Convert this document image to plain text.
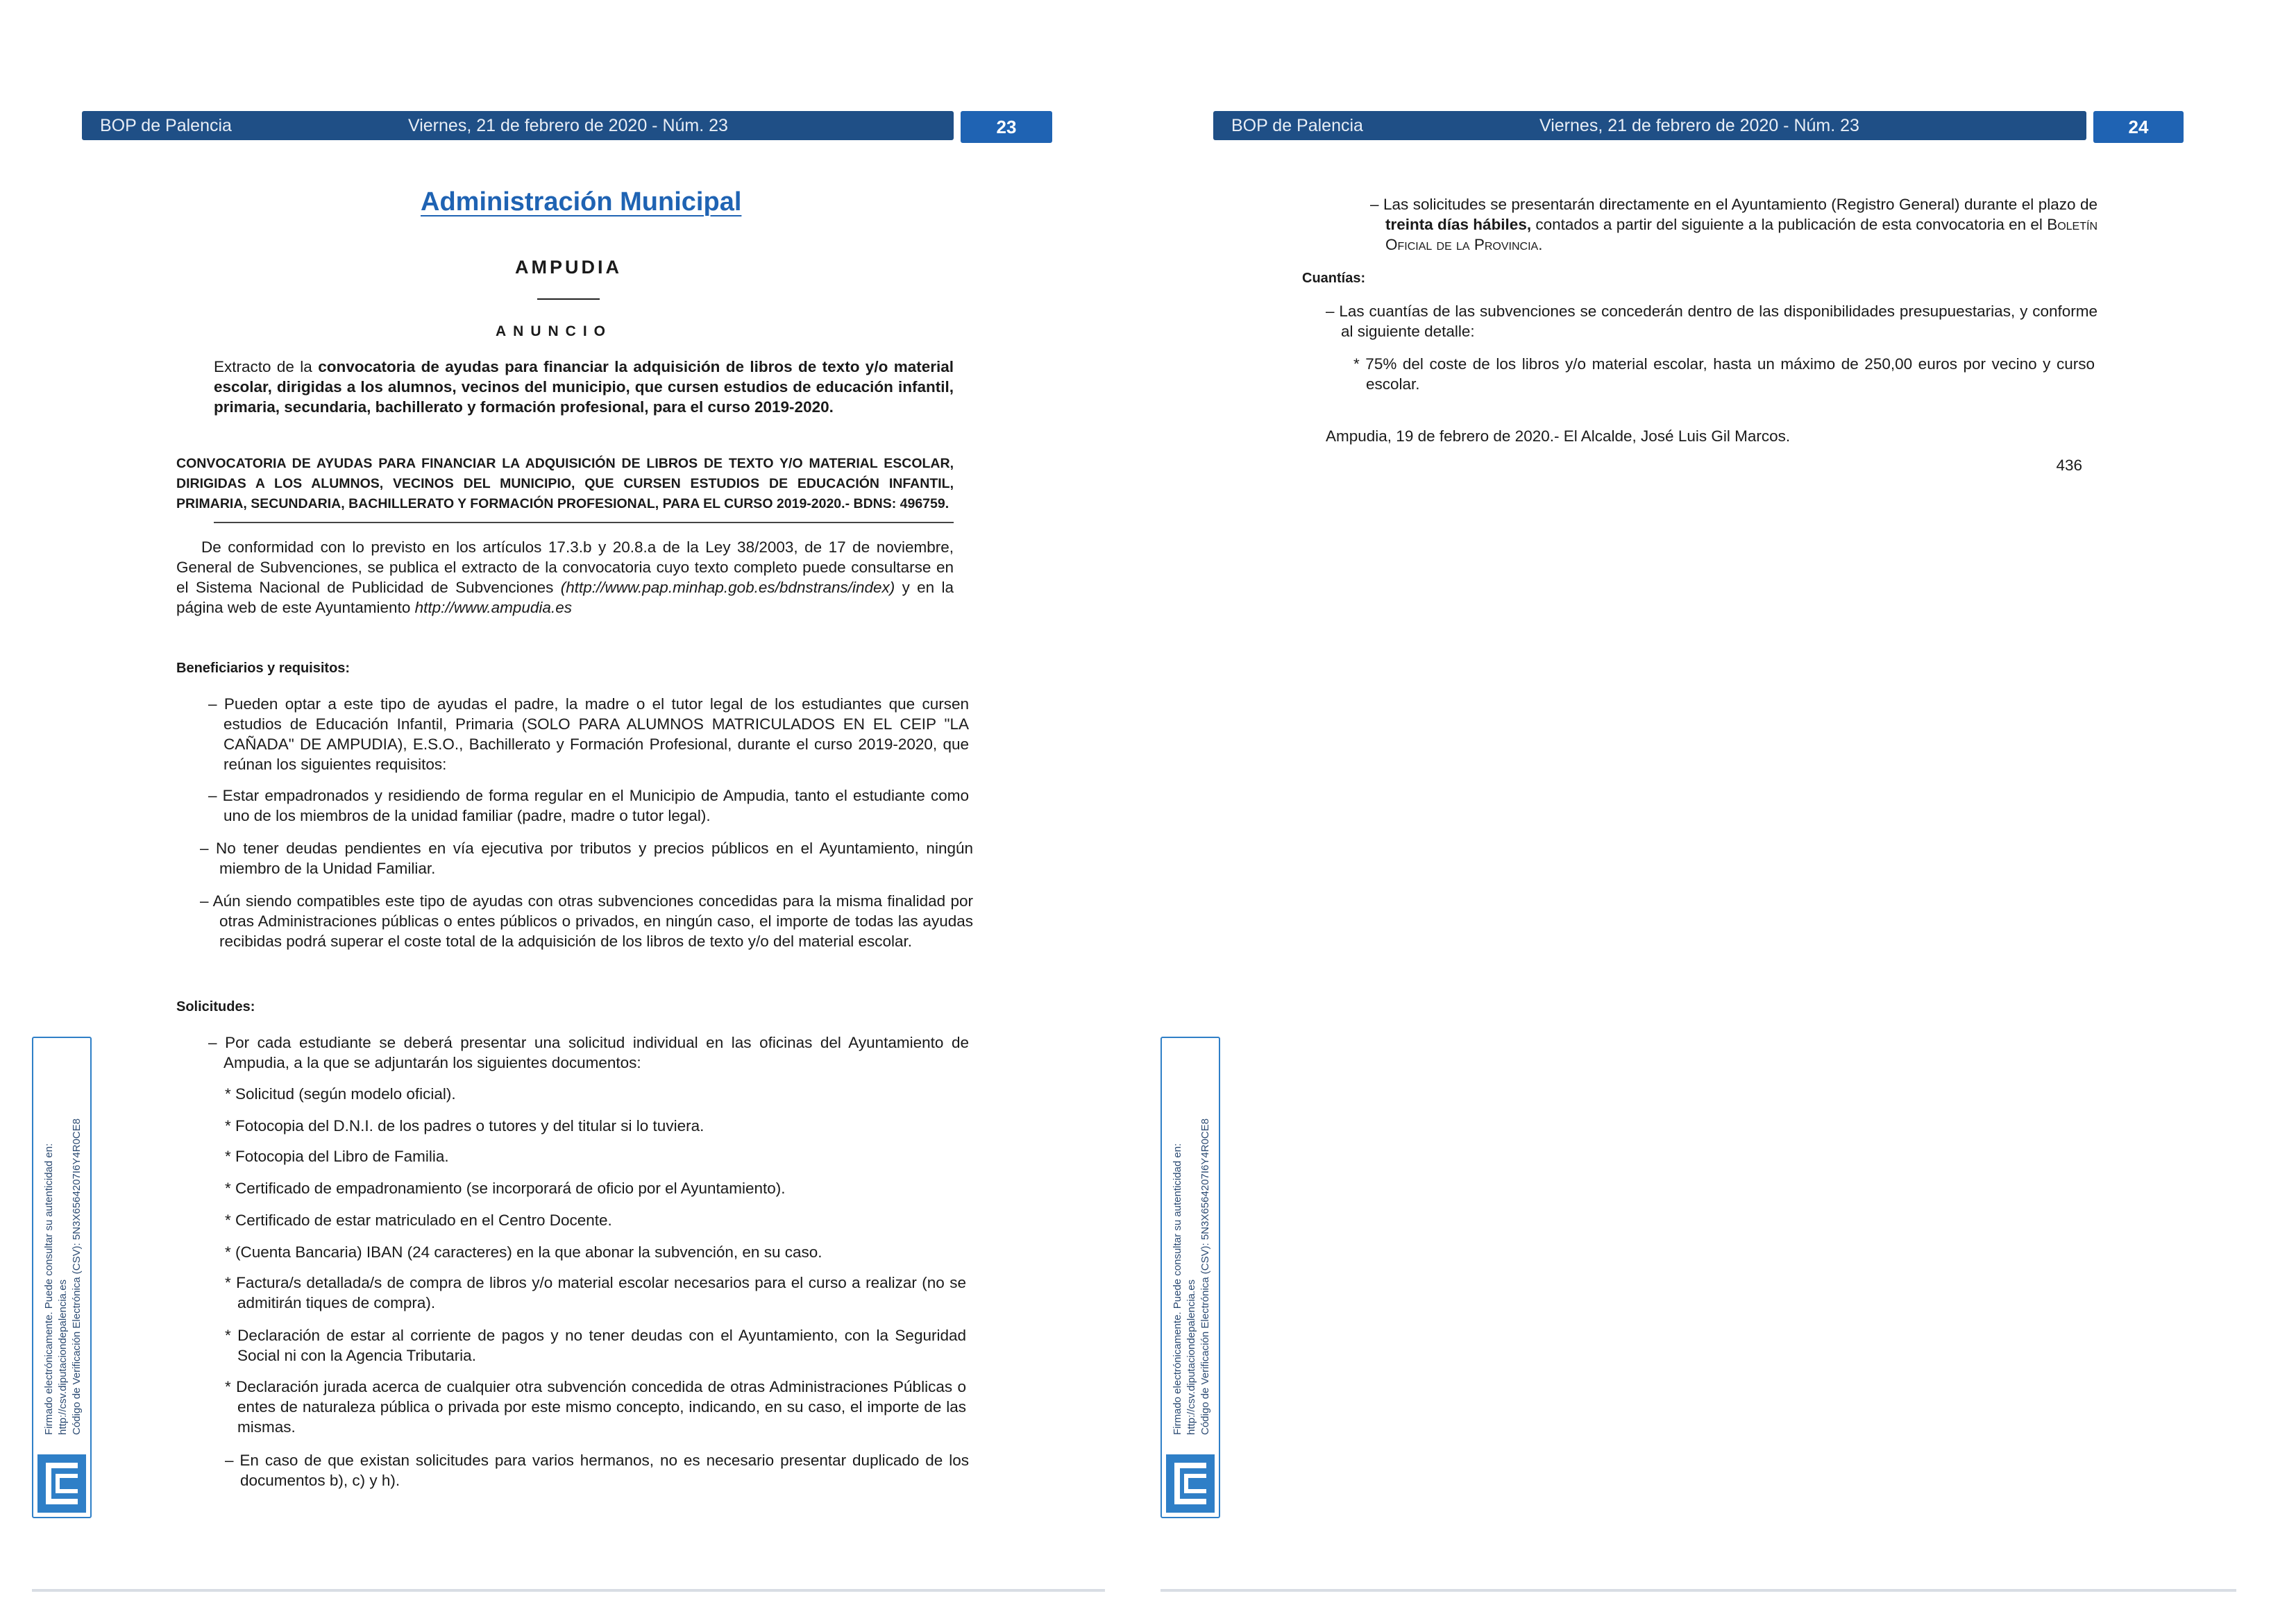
BOP de Palencia	Viernes, 21 de febrero de 2020 - Núm. 23	23
Administración Municipal
AMPUDIA
ANUNCIO

Extracto de la convocatoria de ayudas para financiar la adquisición de libros de texto y/o material escolar, dirigidas a los alumnos, vecinos del municipio, que cursen estudios de educación infantil, primaria, secundaria, bachillerato y formación profesional, para el curso 2019-2020.

CONVOCATORIA DE AYUDAS PARA FINANCIAR LA ADQUISICIÓN DE LIBROS DE TEXTO Y/O MATERIAL ESCOLAR, DIRIGIDAS A LOS ALUMNOS, VECINOS DEL MUNICIPIO, QUE CURSEN ESTUDIOS DE EDUCACIÓN INFANTIL, PRIMARIA, SECUNDARIA, BACHILLERATO Y FORMACIÓN PROFESIONAL, PARA EL CURSO 2019-2020.- BDNS: 496759.

De conformidad con lo previsto en los artículos 17.3.b y 20.8.a de la Ley 38/2003, de 17 de noviembre, General de Subvenciones, se publica el extracto de la convocatoria cuyo texto completo puede consultarse en el Sistema Nacional de Publicidad de Subvenciones (http://www.pap.minhap.gob.es/bdnstrans/index) y en la página web de este Ayuntamiento http://www.ampudia.es

Beneficiarios y requisitos:

– Pueden optar a este tipo de ayudas el padre, la madre o el tutor legal de los estudiantes que cursen estudios de Educación Infantil, Primaria (SOLO PARA ALUMNOS MATRICULADOS EN EL CEIP "LA CAÑADA" DE AMPUDIA), E.S.O., Bachillerato y Formación Profesional, durante el curso 2019-2020, que reúnan los siguientes requisitos:

– Estar empadronados y residiendo de forma regular en el Municipio de Ampudia, tanto el estudiante como uno de los miembros de la unidad familiar (padre, madre o tutor legal).

– No tener deudas pendientes en vía ejecutiva por tributos y precios públicos en el Ayuntamiento, ningún miembro de la Unidad Familiar.

– Aún siendo compatibles este tipo de ayudas con otras subvenciones concedidas para la misma finalidad por otras Administraciones públicas o entes públicos o privados, en ningún caso, el importe de todas las ayudas recibidas podrá superar el coste total de la adquisición de los libros de texto y/o del material escolar.

Solicitudes:

– Por cada estudiante se deberá presentar una solicitud individual en las oficinas del Ayuntamiento de Ampudia, a la que se adjuntarán los siguientes documentos:

* Solicitud (según modelo oficial).

* Fotocopia del D.N.I. de los padres o tutores y del titular si lo tuviera.

* Fotocopia del Libro de Familia.

* Certificado de empadronamiento (se incorporará de oficio por el Ayuntamiento).

* Certificado de estar matriculado en el Centro Docente.

* (Cuenta Bancaria) IBAN (24 caracteres) en la que abonar la subvención, en su caso.

* Factura/s detallada/s de compra de libros y/o material escolar necesarios para el curso a realizar (no se admitirán tiques de compra).

* Declaración de estar al corriente de pagos y no tener deudas con el Ayuntamiento, con la Seguridad Social ni con la Agencia Tributaria.

* Declaración jurada acerca de cualquier otra subvención concedida de otras Administraciones Públicas o entes de naturaleza pública o privada por este mismo concepto, indicando, en su caso, el importe de las mismas.

– En caso de que existan solicitudes para varios hermanos, no es necesario presentar duplicado de los documentos b), c) y h).

Firmado electrónicamente. Puede consultar su autenticidad en: http://csv.diputaciondepalencia.es Código de Verificación Electrónica (CSV): 5N3X6564207I6Y4R0CE8
BOP de Palencia	Viernes, 21 de febrero de 2020 - Núm. 23	24

– Las solicitudes se presentarán directamente en el Ayuntamiento (Registro General) durante el plazo de treinta días hábiles, contados a partir del siguiente a la publicación de esta convocatoria en el Boletín Oficial de la Provincia.

Cuantías:

– Las cuantías de las subvenciones se concederán dentro de las disponibilidades presupuestarias, y conforme al siguiente detalle:

* 75% del coste de los libros y/o material escolar, hasta un máximo de 250,00 euros por vecino y curso escolar.

Ampudia, 19 de febrero de 2020.- El Alcalde, José Luis Gil Marcos.

436

Firmado electrónicamente. Puede consultar su autenticidad en: http://csv.diputaciondepalencia.es Código de Verificación Electrónica (CSV): 5N3X6564207I6Y4R0CE8
